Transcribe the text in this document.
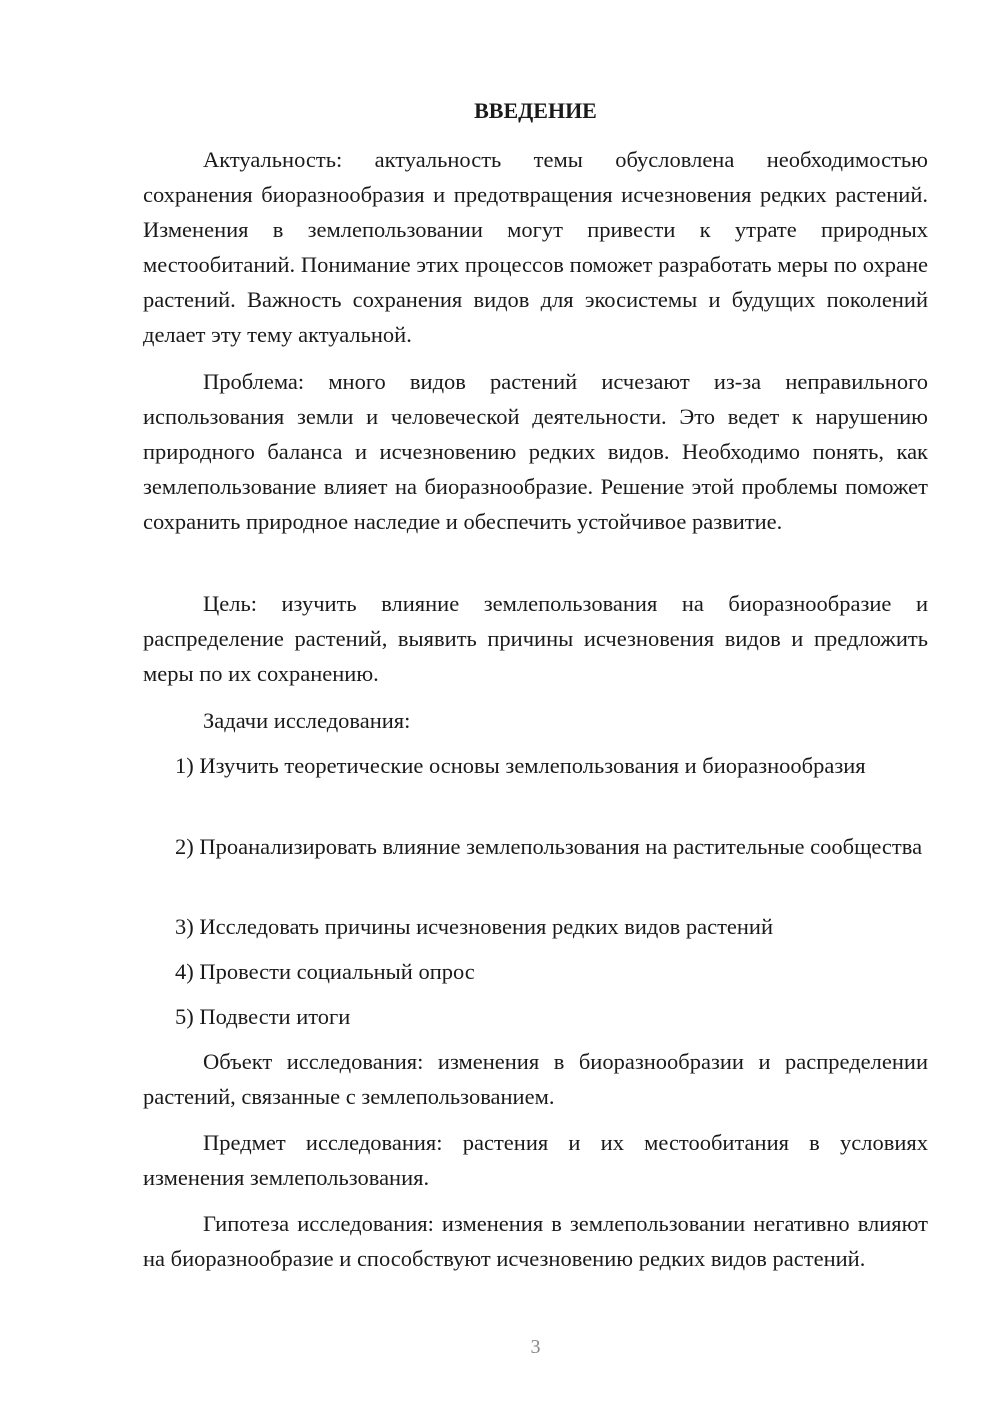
ВВЕДЕНИЕ

Актуальность: актуальность темы обусловлена необходимостью сохранения биоразнообразия и предотвращения исчезновения редких растений. Изменения в землепользовании могут привести к утрате природных местообитаний. Понимание этих процессов поможет разработать меры по охране растений. Важность сохранения видов для экосистемы и будущих поколений делает эту тему актуальной.

Проблема: много видов растений исчезают из-за неправильного использования земли и человеческой деятельности. Это ведет к нарушению природного баланса и исчезновению редких видов. Необходимо понять, как землепользование влияет на биоразнообразие. Решение этой проблемы поможет сохранить природное наследие и обеспечить устойчивое развитие.

Цель: изучить влияние землепользования на биоразнообразие и распределение растений, выявить причины исчезновения видов и предложить меры по их сохранению.

Задачи исследования:

1) Изучить теоретические основы землепользования и биоразнообразия

2) Проанализировать влияние землепользования на растительные сообщества

3) Исследовать причины исчезновения редких видов растений

4) Провести социальный опрос

5) Подвести итоги

Объект исследования: изменения в биоразнообразии и распределении растений, связанные с землепользованием.

Предмет исследования: растения и их местообитания в условиях изменения землепользования.

Гипотеза исследования: изменения в землепользовании негативно влияют на биоразнообразие и способствуют исчезновению редких видов растений.

3
